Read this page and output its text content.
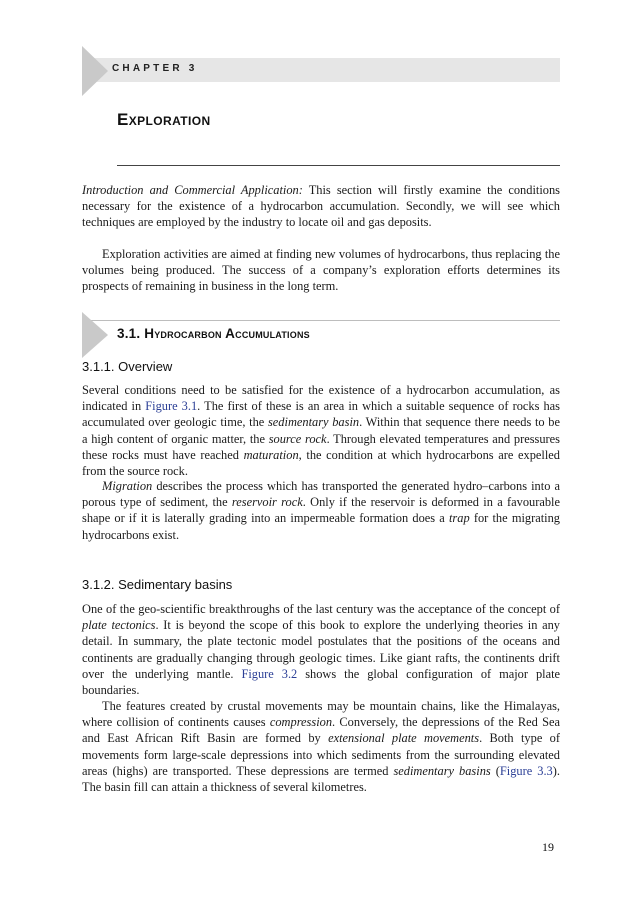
CHAPTER 3
Exploration
Introduction and Commercial Application: This section will firstly examine the conditions necessary for the existence of a hydrocarbon accumulation. Secondly, we will see which techniques are employed by the industry to locate oil and gas deposits.
Exploration activities are aimed at finding new volumes of hydrocarbons, thus replacing the volumes being produced. The success of a company’s exploration efforts determines its prospects of remaining in business in the long term.
3.1. Hydrocarbon Accumulations
3.1.1. Overview
Several conditions need to be satisfied for the existence of a hydrocarbon accumulation, as indicated in Figure 3.1. The first of these is an area in which a suitable sequence of rocks has accumulated over geologic time, the sedimentary basin. Within that sequence there needs to be a high content of organic matter, the source rock. Through elevated temperatures and pressures these rocks must have reached maturation, the condition at which hydrocarbons are expelled from the source rock.
Migration describes the process which has transported the generated hydro–carbons into a porous type of sediment, the reservoir rock. Only if the reservoir is deformed in a favourable shape or if it is laterally grading into an impermeable formation does a trap for the migrating hydrocarbons exist.
3.1.2. Sedimentary basins
One of the geo-scientific breakthroughs of the last century was the acceptance of the concept of plate tectonics. It is beyond the scope of this book to explore the underlying theories in any detail. In summary, the plate tectonic model postulates that the positions of the oceans and continents are gradually changing through geologic times. Like giant rafts, the continents drift over the underlying mantle. Figure 3.2 shows the global configuration of major plate boundaries.
The features created by crustal movements may be mountain chains, like the Himalayas, where collision of continents causes compression. Conversely, the depressions of the Red Sea and East African Rift Basin are formed by extensional plate movements. Both type of movements form large-scale depressions into which sediments from the surrounding elevated areas (highs) are transported. These depressions are termed sedimentary basins (Figure 3.3). The basin fill can attain a thickness of several kilometres.
19
